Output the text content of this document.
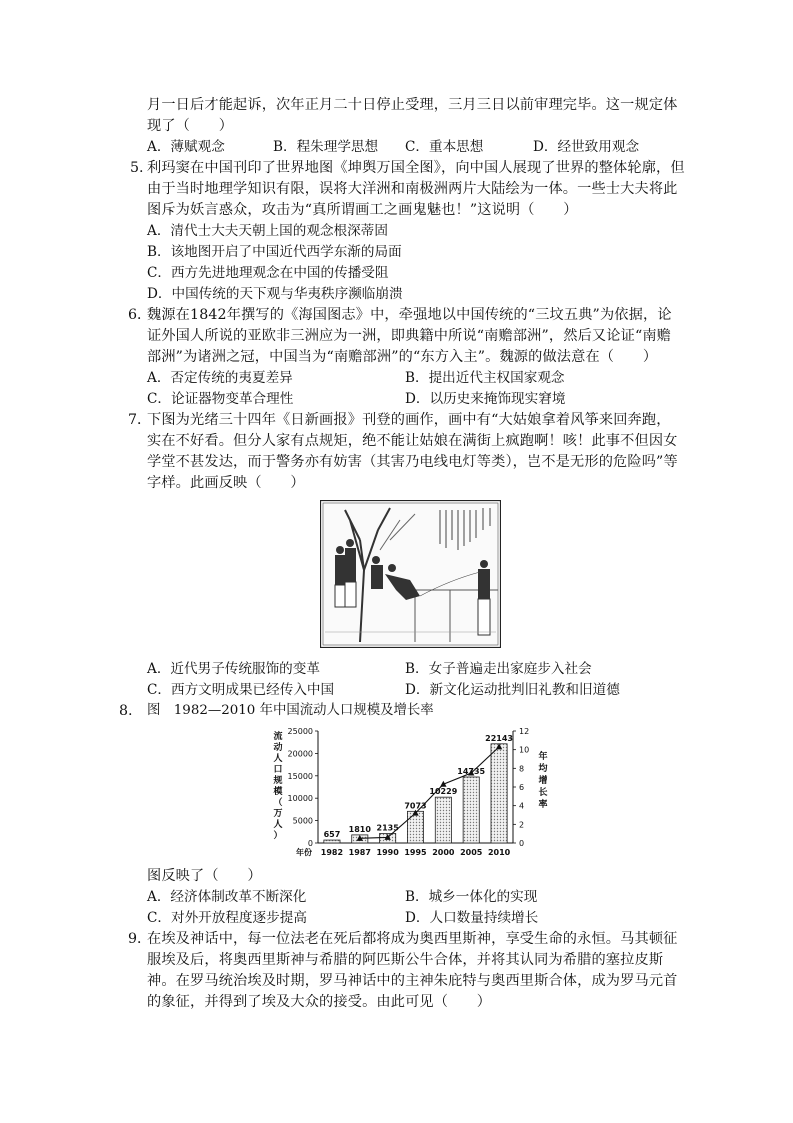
月一日后才能起诉，次年正月二十日停止受理，三月三日以前审理完毕。这一规定体
现了（　　）
A．薄赋观念	B．程朱理学思想 C．重本思想	D．经世致用观念
5. 利玛窦在中国刊印了世界地图《坤舆万国全图》，向中国人展现了世界的整体轮廓，但
由于当时地理学知识有限，误将大洋洲和南极洲两片大陆绘为一体。一些士大夫将此
图斥为妖言惑众，攻击为“真所谓画工之画鬼魅也！”这说明（　　）
A．清代士大夫天朝上国的观念根深蒂固
B．该地图开启了中国近代西学东渐的局面
C．西方先进地理观念在中国的传播受阻
D．中国传统的天下观与华夷秩序濒临崩溃
6．
魏源在1842年撰写的《海国图志》中，牵强地以中国传统的“三坟五典”为依据，论
证外国人所说的亚欧非三洲应为一洲，即典籍中所说“南赡部洲”，然后又论证“南赡
部洲”为诸洲之冠，中国当为“南赡部洲”的“东方入主”。魏源的做法意在（　　）
A．否定传统的夷夏差异	B．提出近代主权国家观念
C．论证器物变革合理性	D．以历史来掩饰现实窘境
7．
下图为光绪三十四年《日新画报》刊登的画作，画中有“大姑娘拿着风筝来回奔跑，
实在不好看。但分人家有点规矩，绝不能让姑娘在满街上疯跑啊！咳！此事不但因女
学堂不甚发达，而于警务亦有妨害（其害乃电线电灯等类），岂不是无形的危险吗”等
字样。此画反映（　　）
A．近代男子传统服饰的变革	B．女子普遍走出家庭步入社会
C．西方文明成果已经传入中国	D．新文化运动批判旧礼教和旧道德
8. 图　1982—2010 年中国流动人口规模及增长率
流
动
人
口
规
模
（
万
人
）
年
均
增
长
率
0
5000
10000
15000
20000
25000
0
2
4
6
8
10
12
年份 1982 1987 1990 1995 2000 2005 2010
657
1810 2135
7073
10229
14735
22143
图反映了（　　）
A．经济体制改革不断深化	B．城乡一体化的实现
C．对外开放程度逐步提高	D．人口数量持续增长
9．
在埃及神话中，每一位法老在死后都将成为奥西里斯神，享受生命的永恒。马其顿征
服埃及后，将奥西里斯神与希腊的阿匹斯公牛合体，并将其认同为希腊的塞拉皮斯
神。在罗马统治埃及时期，罗马神话中的主神朱庇特与奥西里斯合体，成为罗马元首
的象征，并得到了埃及大众的接受。由此可见（　　）
